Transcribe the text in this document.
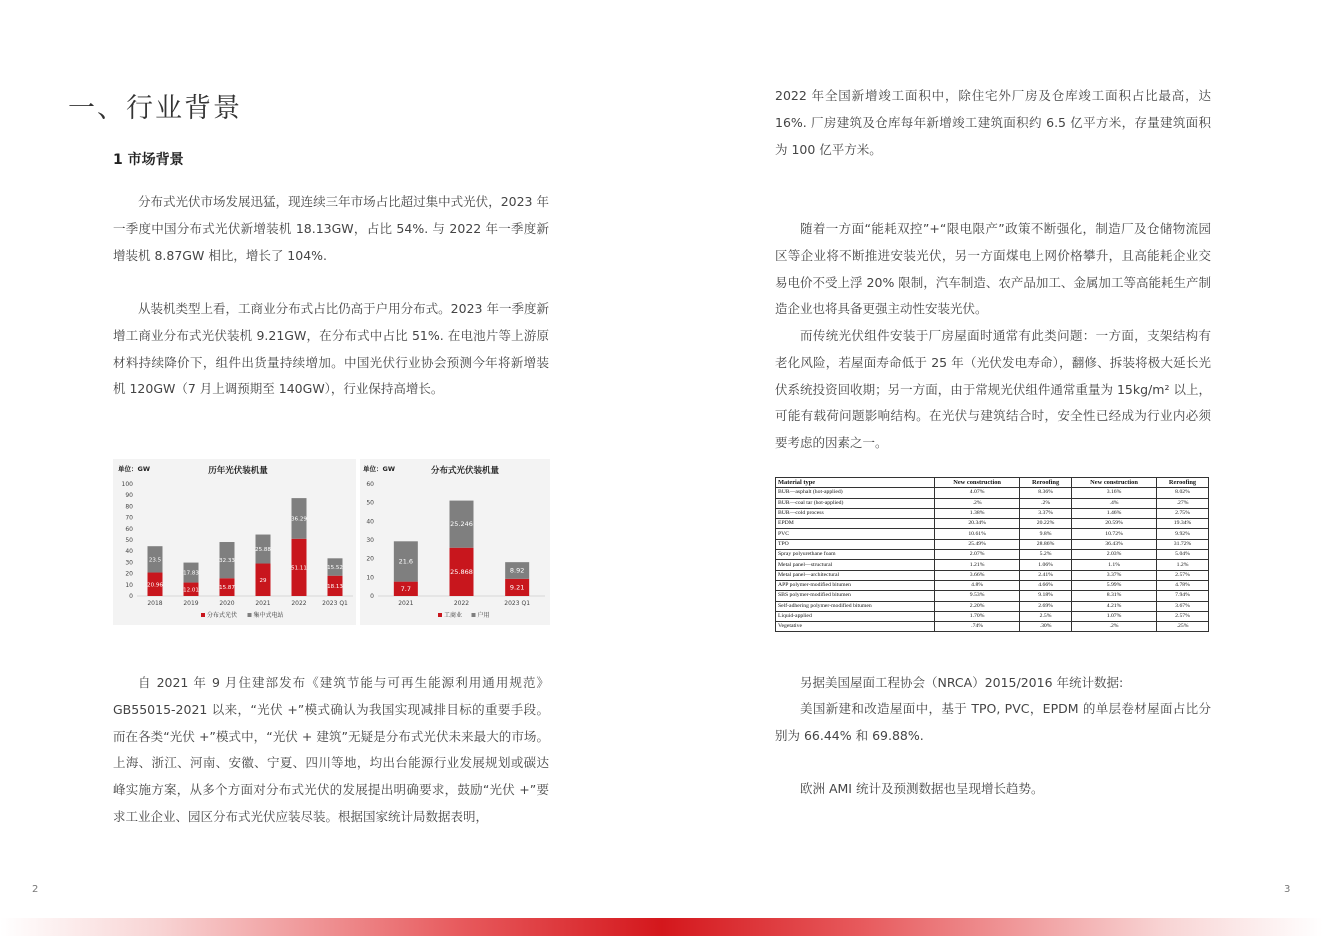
一、行业背景
1 市场背景

分布式光伏市场发展迅猛，现连续三年市场占比超过集中式光伏，2023 年一季度中国分布式光伏新增装机 18.13GW，占比 54%. 与 2022 年一季度新增装机 8.87GW 相比，增长了 104%.

从装机类型上看，工商业分布式占比仍高于户用分布式。2023 年一季度新增工商业分布式光伏装机 9.21GW，在分布式中占比 51%. 在电池片等上游原材料持续降价下，组件出货量持续增加。中国光伏行业协会预测今年将新增装机 120GW（7 月上调预期至 140GW），行业保持高增长。

单位：GW	历年光伏装机量
0
10
20
30
40
50
60
70
80
90
100
20.96
23.5
2018
12.01
17.83
2019
15.87
32.33
2020
29
25.88
2021
51.11
36.29
2022
18.13
15.52
2023 Q1
分布式光伏	集中式电站
单位：GW	分布式光伏装机量
0
10
20
30
40
50
60
7.7
21.6
2021
25.868
25.246
2022
9.21
8.92
2023 Q1
工商业	户用

自 2021 年 9 月住建部发布《建筑节能与可再生能源利用通用规范》GB55015-2021 以来，“光伏 +”模式确认为我国实现减排目标的重要手段。而在各类“光伏 +”模式中，“光伏 + 建筑”无疑是分布式光伏未来最大的市场。上海、浙江、河南、安徽、宁夏、四川等地，均出台能源行业发展规划或碳达峰实施方案，从多个方面对分布式光伏的发展提出明确要求，鼓励“光伏 +”要求工业企业、园区分布式光伏应装尽装。根据国家统计局数据表明，

2

2022 年全国新增竣工面积中，除住宅外厂房及仓库竣工面积占比最高，达 16%. 厂房建筑及仓库每年新增竣工建筑面积约 6.5 亿平方米，存量建筑面积为 100 亿平方米。

随着一方面“能耗双控”+“限电限产”政策不断强化，制造厂及仓储物流园区等企业将不断推进安装光伏，另一方面煤电上网价格攀升，且高能耗企业交易电价不受上浮 20% 限制，汽车制造、农产品加工、金属加工等高能耗生产制造企业也将具备更强主动性安装光伏。

而传统光伏组件安装于厂房屋面时通常有此类问题：一方面，支架结构有老化风险，若屋面寿命低于 25 年（光伏发电寿命），翻修、拆装将极大延长光伏系统投资回收期；另一方面，由于常规光伏组件通常重量为 15kg/m² 以上，可能有载荷问题影响结构。在光伏与建筑结合时，安全性已经成为行业内必须要考虑的因素之一。

Material type	New construction	Reroofing	New construction	Reroofing
BUR—asphalt (hot-applied)	4.07%	8.36%	3.16%	8.02%
BUR—coal tar (hot-applied)	.2%	.2%	.4%	.27%
BUR—cold process	1.38%	3.37%	1.46%	2.75%
EPDM	20.34%	20.22%	20.59%	19.34%
PVC	10.61%	9.8%	10.72%	9.92%
TPO	25.49%	28.86%	36.43%	31.72%
Spray polyurethane foam	2.07%	5.2%	2.03%	5.04%
Metal panel—structural	1.21%	1.06%	1.1%	1.2%
Metal panel—architectural	3.66%	2.41%	3.37%	2.57%
APP polymer-modified bitumen	4.8%	4.66%	5.99%	4.78%
SBS polymer-modified bitumen	9.53%	9.18%	8.31%	7.94%
Self-adhering polymer-modified bitumen	2.20%	2.69%	4.21%	3.67%
Liquid-applied	1.70%	2.5%	1.07%	2.57%
Vegetative	.74%	.30%	.2%	.25%

另据美国屋面工程协会（NRCA）2015/2016 年统计数据:

美国新建和改造屋面中，基于 TPO, PVC，EPDM 的单层卷材屋面占比分别为 66.44% 和 69.88%.

欧洲 AMI 统计及预测数据也呈现增长趋势。

3
